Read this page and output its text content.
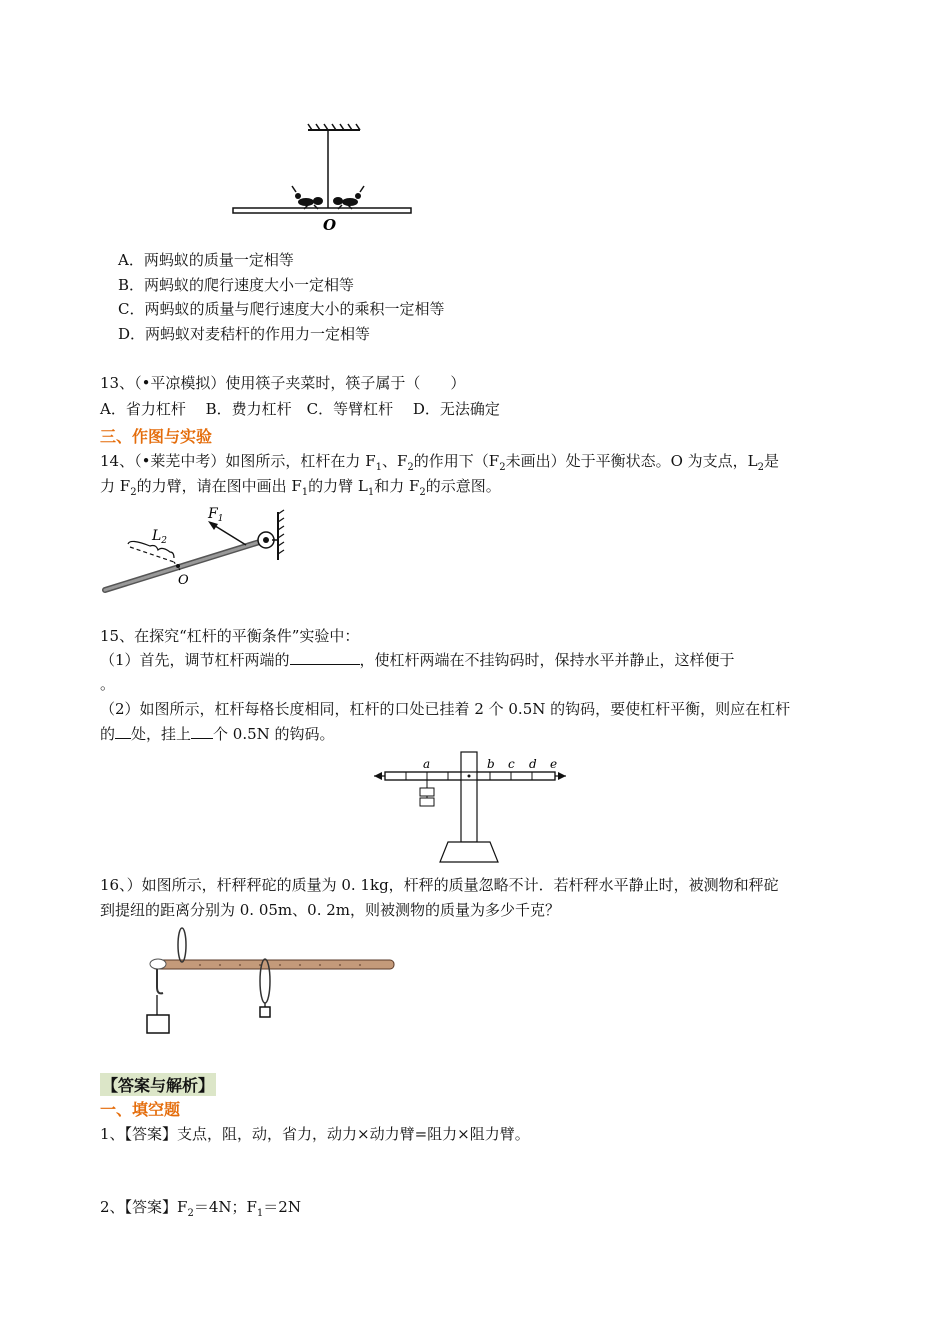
O
A．两蚂蚁的质量一定相等
B．两蚂蚁的爬行速度大小一定相等
C．两蚂蚁的质量与爬行速度大小的乘积一定相等
D．两蚂蚁对麦秸杆的作用力一定相等
13、（•平凉模拟）使用筷子夹菜时，筷子属于（　　）
A．省力杠杆　 B．费力杠杆　C．等臂杠杆　 D．无法确定
三、作图与实验
14、（•莱芜中考）如图所示，杠杆在力 $F_1$、$F_2$的作用下（$F_2$未画出）处于平衡状态。O 为支点，$L_2$是
力 $F_2$的力臂，请在图中画出 $F_1$的力臂 $L_1$和力 $F_2$的示意图。
$F_1$
$L_2$
O
15、在探究“杠杆的平衡条件”实验中：
（1）首先，调节杠杆两端的	，使杠杆两端在不挂钩码时，保持水平并静止，这样便于
。
（2）如图所示，杠杆每格长度相同，杠杆的口处已挂着 2 个 0.5N 的钩码，要使杠杆平衡，则应在杠杆
的 处，挂上 个 0.5N 的钩码。
a	b c d e
16、）如图所示，杆秤秤砣的质量为 0. 1kg，杆秤的质量忽略不计．若杆秤水平静止时，被测物和秤砣
到提纽的距离分别为 0. 05m、0. 2m，则被测物的质量为多少千克？
【答案与解析】
一、填空题
1、【答案】支点，阻，动，省力，动力×动力臂=阻力×阻力臂。
2、【答案】$F_2=4N$；$F_1=2N$
